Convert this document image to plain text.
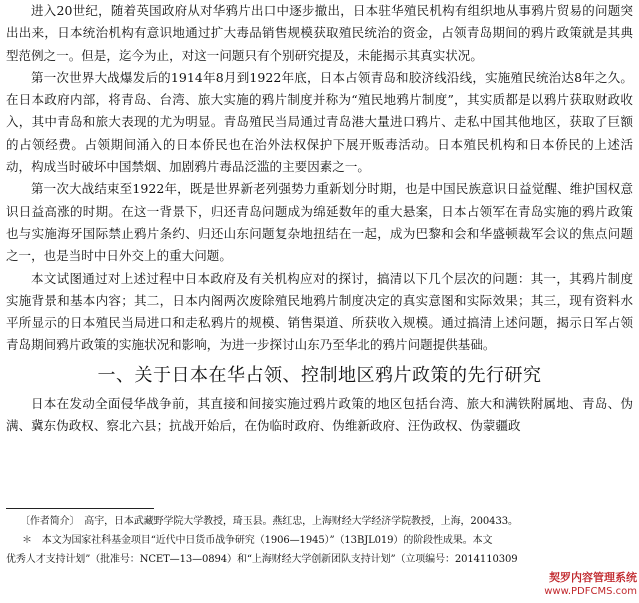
进入20世纪，随着英国政府从对华鸦片出口中逐步撤出，日本驻华殖民机构有组织地从事鸦片贸易的问题突出出来，日本统治机构有意识地通过扩大毒品销售规模获取殖民统治的资金，占领青岛期间的鸦片政策就是其典型范例之一。但是，迄今为止，对这一问题只有个别研究提及，未能揭示其真实状况。

第一次世界大战爆发后的1914年8月到1922年底，日本占领青岛和胶济线沿线，实施殖民统治达8年之久。在日本政府内部，将青岛、台湾、旅大实施的鸦片制度并称为“殖民地鸦片制度”，其实质都是以鸦片获取财政收入，其中青岛和旅大表现的尤为明显。青岛殖民当局通过青岛港大量进口鸦片、走私中国其他地区，获取了巨额的占领经费。占领期间涌入的日本侨民也在治外法权保护下展开贩毒活动。日本殖民机构和日本侨民的上述活动，构成当时破坏中国禁烟、加剧鸦片毒品泛滥的主要因素之一。

第一次大战结束至1922年，既是世界新老列强势力重新划分时期，也是中国民族意识日益觉醒、维护国权意识日益高涨的时期。在这一背景下，归还青岛问题成为绵延数年的重大悬案，日本占领军在青岛实施的鸦片政策也与实施海牙国际禁止鸦片条约、归还山东问题复杂地扭结在一起，成为巴黎和会和华盛顿裁军会议的焦点问题之一，也是当时中日外交上的重大问题。

本文试图通过对上述过程中日本政府及有关机构应对的探讨，搞清以下几个层次的问题：其一，其鸦片制度实施背景和基本内容；其二，日本内阁两次废除殖民地鸦片制度决定的真实意图和实际效果；其三，现有资料水平所显示的日本殖民当局进口和走私鸦片的规模、销售渠道、所获收入规模。通过搞清上述问题，揭示日军占领青岛期间鸦片政策的实施状况和影响，为进一步探讨山东乃至华北的鸦片问题提供基础。

一、关于日本在华占领、控制地区鸦片政策的先行研究

日本在发动全面侵华战争前，其直接和间接实施过鸦片政策的地区包括台湾、旅大和满铁附属地、青岛、伪满、冀东伪政权、察北六县；抗战开始后，在伪临时政府、伪维新政府、汪伪政权、伪蒙疆政

〔作者简介〕　高宇，日本武藏野学院大学教授，琦玉县。燕红忠，上海财经大学经济学院教授，上海，200433。

＊　本文为国家社科基金项目“近代中日货币战争研究（1906—1945）”（13BJL019）的阶段性成果。本文

优秀人才支持计划”（批准号：NCET—13—0894）和“上海财经大学创新团队支持计划”（立项编号：2014110309

契罗内容管理系统
www.PDFCMS.com
